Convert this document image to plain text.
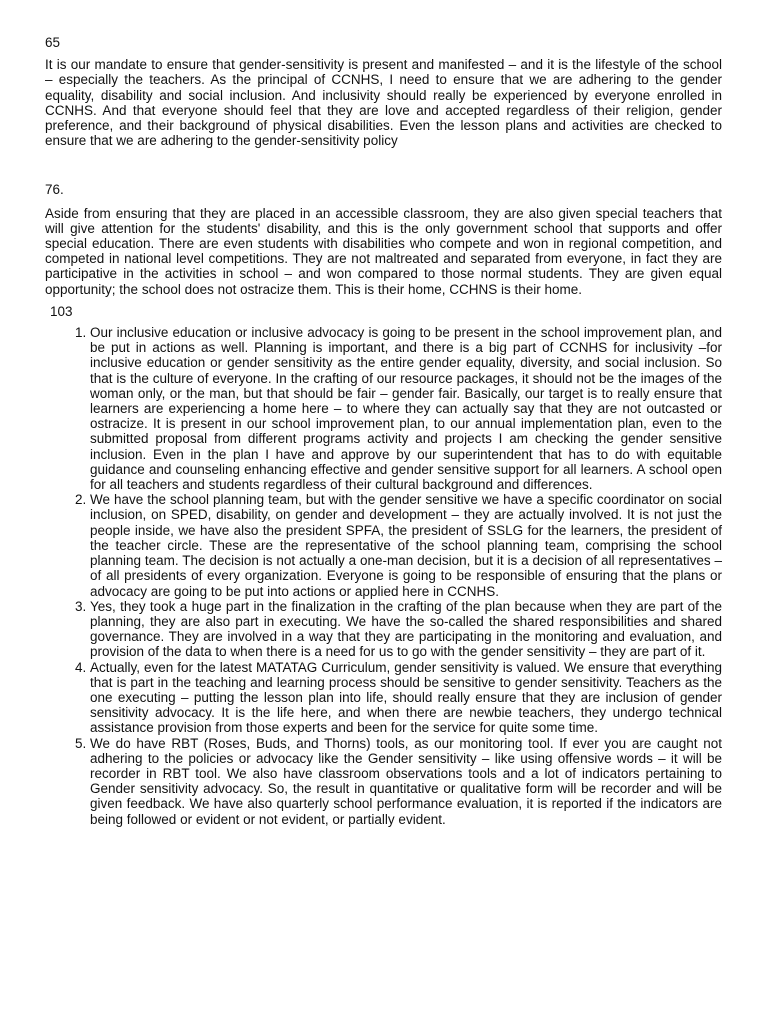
65

It is our mandate to ensure that gender-sensitivity is present and manifested – and it is the lifestyle of the school – especially the teachers. As the principal of CCNHS, I need to ensure that we are adhering to the gender equality, disability and social inclusion. And inclusivity should really be experienced by everyone enrolled in CCNHS. And that everyone should feel that they are love and accepted regardless of their religion, gender preference, and their background of physical disabilities. Even the lesson plans and activities are checked to ensure that we are adhering to the gender-sensitivity policy

76.

Aside from ensuring that they are placed in an accessible classroom, they are also given special teachers that will give attention for the students' disability, and this is the only government school that supports and offer special education. There are even students with disabilities who compete and won in regional competition, and competed in national level competitions. They are not maltreated and separated from everyone, in fact they are participative in the activities in school – and won compared to those normal students. They are given equal opportunity; the school does not ostracize them. This is their home, CCHNS is their home.

103

1. Our inclusive education or inclusive advocacy is going to be present in the school improvement plan, and be put in actions as well. Planning is important, and there is a big part of CCNHS for inclusivity –for inclusive education or gender sensitivity as the entire gender equality, diversity, and social inclusion. So that is the culture of everyone. In the crafting of our resource packages, it should not be the images of the woman only, or the man, but that should be fair – gender fair. Basically, our target is to really ensure that learners are experiencing a home here – to where they can actually say that they are not outcasted or ostracize. It is present in our school improvement plan, to our annual implementation plan, even to the submitted proposal from different programs activity and projects I am checking the gender sensitive inclusion. Even in the plan I have and approve by our superintendent that has to do with equitable guidance and counseling enhancing effective and gender sensitive support for all learners. A school open for all teachers and students regardless of their cultural background and differences.
2. We have the school planning team, but with the gender sensitive we have a specific coordinator on social inclusion, on SPED, disability, on gender and development – they are actually involved. It is not just the people inside, we have also the president SPFA, the president of SSLG for the learners, the president of the teacher circle. These are the representative of the school planning team, comprising the school planning team. The decision is not actually a one-man decision, but it is a decision of all representatives – of all presidents of every organization. Everyone is going to be responsible of ensuring that the plans or advocacy are going to be put into actions or applied here in CCNHS.
3. Yes, they took a huge part in the finalization in the crafting of the plan because when they are part of the planning, they are also part in executing. We have the so-called the shared responsibilities and shared governance. They are involved in a way that they are participating in the monitoring and evaluation, and provision of the data to when there is a need for us to go with the gender sensitivity – they are part of it.
4. Actually, even for the latest MATATAG Curriculum, gender sensitivity is valued. We ensure that everything that is part in the teaching and learning process should be sensitive to gender sensitivity. Teachers as the one executing – putting the lesson plan into life, should really ensure that they are inclusion of gender sensitivity advocacy. It is the life here, and when there are newbie teachers, they undergo technical assistance provision from those experts and been for the service for quite some time.
5. We do have RBT (Roses, Buds, and Thorns) tools, as our monitoring tool. If ever you are caught not adhering to the policies or advocacy like the Gender sensitivity – like using offensive words – it will be recorder in RBT tool. We also have classroom observations tools and a lot of indicators pertaining to Gender sensitivity advocacy. So, the result in quantitative or qualitative form will be recorder and will be given feedback. We have also quarterly school performance evaluation, it is reported if the indicators are being followed or evident or not evident, or partially evident.
